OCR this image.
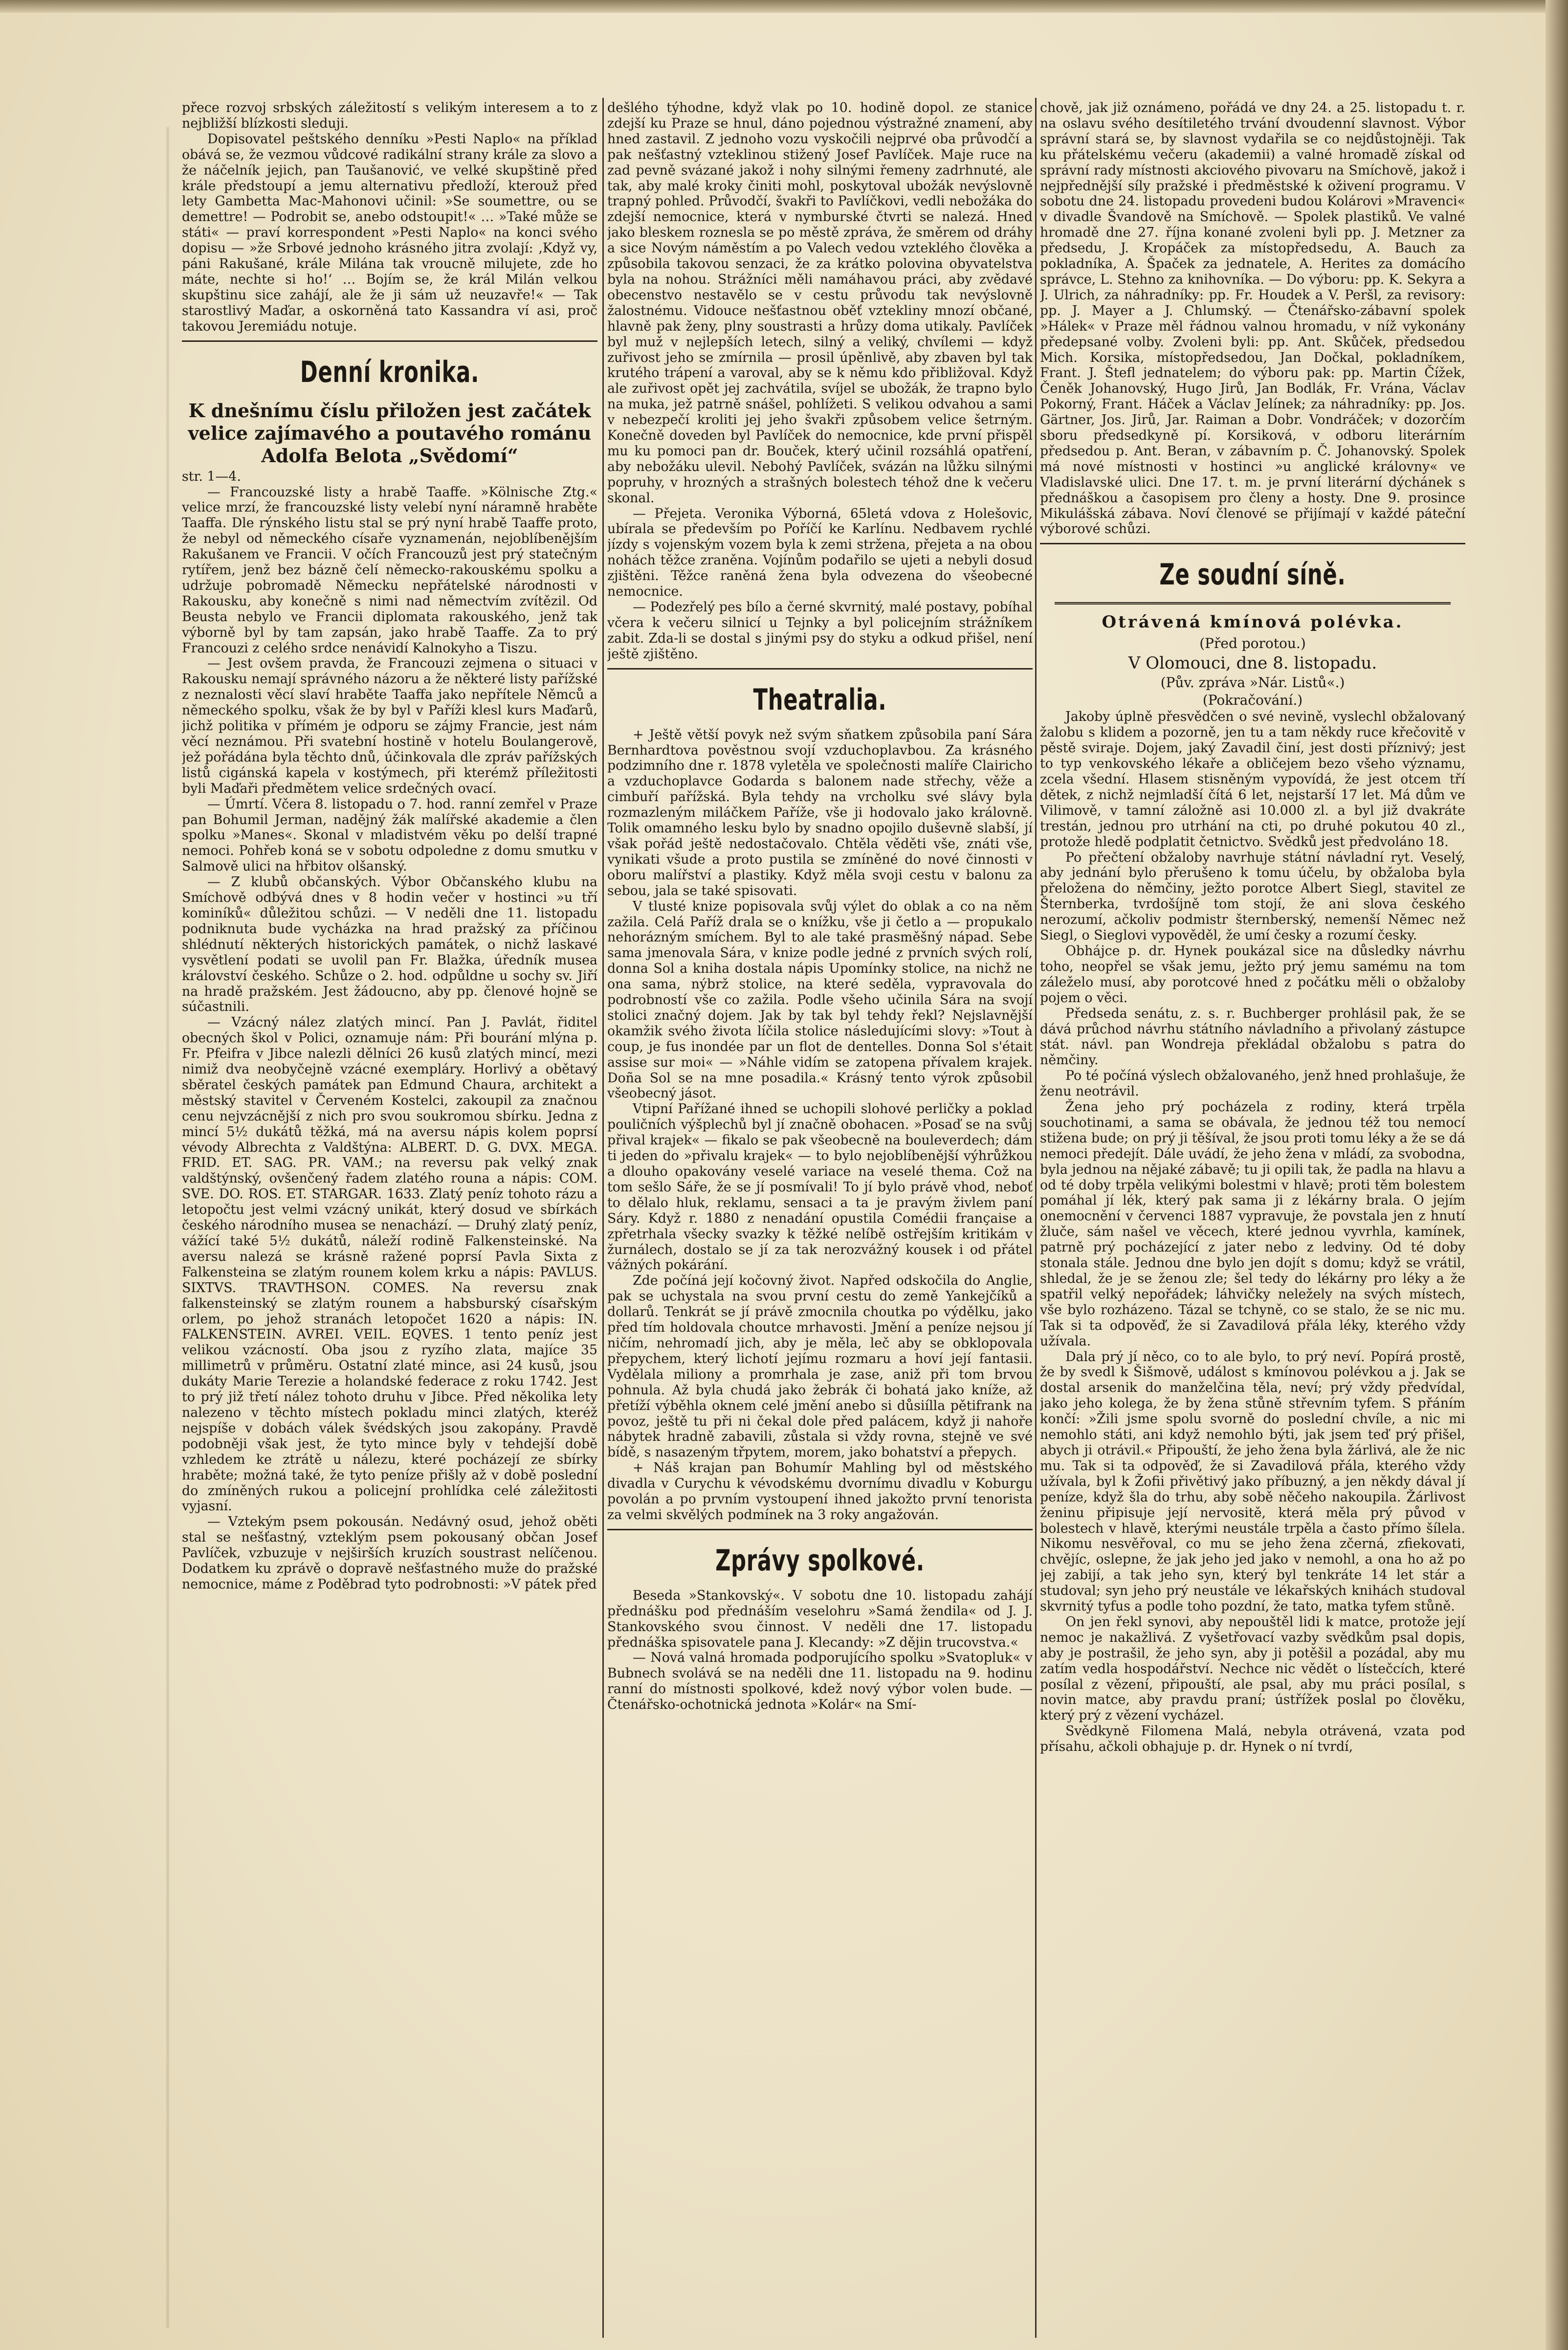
přece rozvoj srbských záležitostí s velikým interesem a to z nejbližší blízkosti sleduji.

Dopisovatel peštského denníku »Pesti Naplo« na příklad obává se, že vezmou vůdcové radikální strany krále za slovo a že náčelník jejich, pan Taušanović, ve velké skupštině před krále předstoupí a jemu alternativu předloží, kterouž před lety Gambetta Mac-Mahonovi učinil: »Se soumettre, ou se demettre! — Podrobit se, anebo odstoupit!« … »Také může se státi« — praví korrespondent »Pesti Naplo« na konci svého dopisu — »že Srbové jednoho krásného jitra zvolají: ‚Když vy, páni Rakušané, krále Milána tak vroucně milujete, zde ho máte, nechte si ho!‘ … Bojím se, že král Milán velkou skupštinu sice zahájí, ale že ji sám už neuzavře!« — Tak starostlivý Maďar, a oskorněná tato Kassandra ví asi, proč takovou Jeremiádu notuje.

Denní kronika.
K dnešnímu číslu přiložen jest začátek velice zajímavého a poutavého románu Adolfa Belota „Svědomí“

str. 1—4.

— Francouzské listy a hrabě Taaffe. »Kölnische Ztg.« velice mrzí, že francouzské listy velebí nyní náramně hraběte Taaffa. Dle rýnského listu stal se prý nyní hrabě Taaffe proto, že nebyl od německého císaře vyznamenán, nejoblíbenějším Rakušanem ve Francii. V očích Francouzů jest prý statečným rytířem, jenž bez bázně čelí německo-rakouskému spolku a udržuje pobromadě Německu nepřátelské národnosti v Rakousku, aby konečně s nimi nad němectvím zvítězil. Od Beusta nebylo ve Francii diplomata rakouského, jenž tak výborně byl by tam zapsán, jako hrabě Taaffe. Za to prý Francouzi z celého srdce nenávidí Kalnokyho a Tiszu.

— Jest ovšem pravda, že Francouzi zejmena o situaci v Rakousku nemají správného názoru a že některé listy pařížské z neznalosti věcí slaví hraběte Taaffa jako nepřítele Němců a německého spolku, však že by byl v Paříži klesl kurs Maďarů, jichž politika v přímém je odporu se zájmy Francie, jest nám věcí neznámou. Při svatební hostině v hotelu Boulangerově, jež pořádána byla těchto dnů, účinkovala dle zpráv pařížských listů cigánská kapela v kostýmech, při kterémž příležitosti byli Maďaři předmětem velice srdečných ovací.

— Úmrtí. Včera 8. listopadu o 7. hod. ranní zemřel v Praze pan Bohumil Jerman, nadějný žák malířské akademie a člen spolku »Manes«. Skonal v mladistvém věku po delší trapné nemoci. Pohřeb koná se v sobotu odpoledne z domu smutku v Salmově ulici na hřbitov olšanský.

— Z klubů občanských. Výbor Občanského klubu na Smíchově odbývá dnes v 8 hodin večer v hostinci »u tří kominíků« důležitou schůzi. — V neděli dne 11. listopadu podniknuta bude vycházka na hrad pražský za příčinou shlédnutí některých historických památek, o nichž laskavé vysvětlení podati se uvolil pan Fr. Blažka, úředník musea království českého. Schůze o 2. hod. odpůldne u sochy sv. Jiří na hradě pražském. Jest žádoucno, aby pp. členové hojně se súčastnili.

— Vzácný nález zlatých mincí. Pan J. Pavlát, řiditel obecných škol v Polici, oznamuje nám: Při bourání mlýna p. Fr. Pfeifra v Jibce nalezli dělníci 26 kusů zlatých mincí, mezi nimiž dva neobyčejně vzácné exempláry. Horlivý a obětavý sběratel českých památek pan Edmund Chaura, architekt a městský stavitel v Červeném Kostelci, zakoupil za značnou cenu nejvzácnější z nich pro svou soukromou sbírku. Jedna z mincí 5½ dukátů těžká, má na aversu nápis kolem poprsí vévody Albrechta z Valdštýna: ALBERT. D. G. DVX. MEGA. FRID. ET. SAG. PR. VAM.; na reversu pak velký znak valdštýnský, ovšenčený řadem zlatého rouna a nápis: COM. SVE. DO. ROS. ET. STARGAR. 1633. Zlatý peníz tohoto rázu a letopočtu jest velmi vzácný unikát, který dosud ve sbírkách českého národního musea se nenachází. — Druhý zlatý peníz, vážící také 5½ dukátů, náleží rodině Falkensteinské. Na aversu nalezá se krásně ražené poprsí Pavla Sixta z Falkensteina se zlatým rounem kolem krku a nápis: PAVLUS. SIXTVS. TRAVTHSON. COMES. Na reversu znak falkensteinský se zlatým rounem a habsburský císařským orlem, po jehož stranách letopočet 1620 a nápis: IN. FALKENSTEIN. AVREI. VEIL. EQVES. 1 tento peníz jest velikou vzácností. Oba jsou z ryzího zlata, majíce 35 millimetrů v průměru. Ostatní zlaté mince, asi 24 kusů, jsou dukáty Marie Terezie a holandské federace z roku 1742. Jest to prý již třetí nález tohoto druhu v Jibce. Před několika lety nalezeno v těchto místech pokladu minci zlatých, kteréž nejspíše v dobách válek švédských jsou zakopány. Pravdě podobněji však jest, že tyto mince byly v tehdejší době vzhledem ke ztrátě u nálezu, které pocházejí ze sbírky hraběte; možná také, že tyto peníze přišly až v době poslední do zmíněných rukou a policejní prohlídka celé záležitosti vyjasní.

— Vztekým psem pokousán. Nedávný osud, jehož oběti stal se nešťastný, vzteklým psem pokousaný občan Josef Pavlíček, vzbuzuje v nejširších kruzích soustrast nelíčenou. Dodatkem ku zprávě o dopravě nešťastného muže do pražské nemocnice, máme z Poděbrad tyto podrobnosti: »V pátek před

dešlého týhodne, když vlak po 10. hodině dopol. ze stanice zdejší ku Praze se hnul, dáno pojednou výstražné znamení, aby hned zastavil. Z jednoho vozu vyskočili nejprvé oba průvodčí a pak nešťastný vzteklinou stižený Josef Pavlíček. Maje ruce na zad pevně svázané jakož i nohy silnými řemeny zadrhnuté, ale tak, aby malé kroky činiti mohl, poskytoval ubožák nevýslovně trapný pohled. Průvodčí, švakři to Pavlíčkovi, vedli nebožáka do zdejší nemocnice, která v nymburské čtvrti se nalezá. Hned jako bleskem roznesla se po městě zpráva, že směrem od dráhy a sice Novým náměstím a po Valech vedou vzteklého člověka a způsobila takovou senzaci, že za krátko polovina obyvatelstva byla na nohou. Strážníci měli namáhavou práci, aby zvědavé obecenstvo nestavělo se v cestu průvodu tak nevýslovně žalostnému. Vidouce nešťastnou oběť vztekliny mnozí občané, hlavně pak ženy, plny soustrasti a hrůzy doma utikaly. Pavlíček byl muž v nejlepších letech, silný a veliký, chvílemi — když zuřivost jeho se zmírnila — prosil úpěnlivě, aby zbaven byl tak krutého trápení a varoval, aby se k němu kdo přibližoval. Když ale zuřivost opět jej zachvátila, svíjel se ubožák, že trapno bylo na muka, jež patrně snášel, pohlížeti. S velikou odvahou a sami v nebezpečí kroliti jej jeho švakři způsobem velice šetrným. Konečně doveden byl Pavlíček do nemocnice, kde první přispěl mu ku pomoci pan dr. Bouček, který učinil rozsáhlá opatření, aby nebožáku ulevil. Nebohý Pavlíček, svázán na lůžku silnými popruhy, v hrozných a strašných bolestech téhož dne k večeru skonal.

— Přejeta. Veronika Výborná, 65letá vdova z Holešovic, ubírala se především po Poříčí ke Karlínu. Nedbavem rychlé jízdy s vojenským vozem byla k zemi stržena, přejeta a na obou nohách těžce zraněna. Vojínům podařilo se ujeti a nebyli dosud zjištěni. Těžce raněná žena byla odvezena do všeobecné nemocnice.

— Podezřelý pes bílo a černé skvrnitý, malé postavy, pobíhal včera k večeru silnicí u Tejnky a byl policejním strážníkem zabit. Zda-li se dostal s jinými psy do styku a odkud přišel, není ještě zjištěno.

Theatralia.

+ Ještě větší povyk než svým sňatkem způsobila paní Sára Bernhardtova pověstnou svojí vzduchoplavbou. Za krásného podzimního dne r. 1878 vyletěla ve společnosti malíře Clairicho a vzduchoplavce Godarda s balonem nade střechy, věže a cimbuří pařížská. Byla tehdy na vrcholku své slávy byla rozmazleným miláčkem Paříže, vše ji hodovalo jako královně. Tolik omamného lesku bylo by snadno opojilo duševně slabší, jí však pořád ještě nedostačovalo. Chtěla věděti vše, znáti vše, vynikati všude a proto pustila se zmíněné do nové činnosti v oboru malířství a plastiky. Když měla svoji cestu v balonu za sebou, jala se také spisovati.

V tlusté knize popisovala svůj výlet do oblak a co na něm zažila. Celá Paříž drala se o knížku, vše ji četlo a — propukalo nehorázným smíchem. Byl to ale také prasměšný nápad. Sebe sama jmenovala Sára, v knize podle jedné z prvních svých rolí, donna Sol a kniha dostala nápis Upomínky stolice, na nichž ne ona sama, nýbrž stolice, na které seděla, vypravovala do podrobností vše co zažila. Podle všeho učinila Sára na svojí stolici značný dojem. Jak by tak byl tehdy řekl? Nejslavnější okamžik svého života líčila stolice následujícími slovy: »Tout à coup, je fus inondée par un flot de dentelles. Donna Sol s'était assise sur moi« — »Náhle vidím se zatopena přívalem krajek. Doña Sol se na mne posadila.« Krásný tento výrok způsobil všeobecný jásot.

Vtipní Pařížané ihned se uchopili slohové perličky a poklad pouličních výšplechů byl jí značně obohacen. »Posaď se na svůj přival krajek« — fikalo se pak všeobecně na bouleverdech; dám ti jeden do »přivalu krajek« — to bylo nejoblíbenější výhrůžkou a dlouho opakovány veselé variace na veselé thema. Což na tom sešlo Sáře, že se jí posmívali! To jí bylo právě vhod, neboť to dělalo hluk, reklamu, sensaci a ta je pravým živlem paní Sáry. Když r. 1880 z nenadání opustila Comédii française a zpřetrhala všecky svazky k těžké nelíbě ostřejším kritikám v žurnálech, dostalo se jí za tak nerozvážný kousek i od přátel vážných pokárání.

Zde počíná její kočovný život. Napřed odskočila do Anglie, pak se uchystala na svou první cestu do země Yankejčíků a dollarů. Tenkrát se jí právě zmocnila choutka po výdělku, jako před tím holdovala choutce mrhavosti. Jmění a peníze nejsou jí ničím, nehromadí jich, aby je měla, leč aby se obklopovala přepychem, který lichotí jejímu rozmaru a hoví její fantasii. Vydělala miliony a promrhala je zase, aniž při tom brvou pohnula. Až byla chudá jako žebrák či bohatá jako kníže, až přetíží výběhla oknem celé jmění anebo si důsiílla pětifrank na povoz, ještě tu při ni čekal dole před palácem, když ji nahoře nábytek hradně zabavili, zůstala si vždy rovna, stejně ve své bídě, s nasazeným třpytem, morem, jako bohatství a přepych.

+ Náš krajan pan Bohumír Mahling byl od městského divadla v Curychu k vévodskému dvornímu divadlu v Koburgu povolán a po prvním vystoupení ihned jakožto první tenorista za velmi skvělých podmínek na 3 roky angažován.

Zprávy spolkové.

Beseda »Stankovský«. V sobotu dne 10. listopadu zahájí přednášku pod přednáším veselohru »Samá žendila« od J. J. Stankovského svou činnost. V neděli dne 17. listopadu přednáška spisovatele pana J. Klecandy: »Z dějin trucovstva.«

— Nová valná hromada podporujícího spolku »Svatopluk« v Bubnech svolává se na neděli dne 11. listopadu na 9. hodinu ranní do místnosti spolkové, kdež nový výbor volen bude. — Čtenářsko-ochotnická jednota »Kolár« na Smí-

chově, jak již oznámeno, pořádá ve dny 24. a 25. listopadu t. r. na oslavu svého desítiletého trvání dvoudenní slavnost. Výbor správní stará se, by slavnost vydařila se co nejdůstojněji. Tak ku přátelskému večeru (akademii) a valné hromadě získal od správní rady místnosti akciového pivovaru na Smíchově, jakož i nejpřednější síly pražské i předměstské k oživení programu. V sobotu dne 24. listopadu provedeni budou Kolárovi »Mravenci« v divadle Švandově na Smíchově. — Spolek plastiků. Ve valné hromadě dne 27. října konané zvoleni byli pp. J. Metzner za předsedu, J. Kropáček za místopředsedu, A. Bauch za pokladníka, A. Špaček za jednatele, A. Herites za domácího správce, L. Stehno za knihovníka. — Do výboru: pp. K. Sekyra a J. Ulrich, za náhradníky: pp. Fr. Houdek a V. Peršl, za revisory: pp. J. Mayer a J. Chlumský. — Čtenářsko-zábavní spolek »Hálek« v Praze měl řádnou valnou hromadu, v níž vykonány předepsané volby. Zvoleni byli: pp. Ant. Skůček, předsedou Mich. Korsika, místopředsedou, Jan Dočkal, pokladníkem, Frant. J. Štefl jednatelem; do výboru pak: pp. Martin Čížek, Čeněk Johanovský, Hugo Jirů, Jan Bodlák, Fr. Vrána, Václav Pokorný, Frant. Háček a Václav Jelínek; za náhradníky: pp. Jos. Gärtner, Jos. Jirů, Jar. Raiman a Dobr. Vondráček; v dozorčím sboru předsedkyně pí. Korsiková, v odboru literárním předsedou p. Ant. Beran, v zábavním p. Č. Johanovský. Spolek má nové místnosti v hostinci »u anglické královny« ve Vladislavské ulici. Dne 17. t. m. je první literární dýchánek s přednáškou a časopisem pro členy a hosty. Dne 9. prosince Mikulášská zábava. Noví členové se přijímají v každé páteční výborové schůzi.

Ze soudní síně.
Otrávená kmínová polévka.
(Před porotou.)
V Olomouci, dne 8. listopadu.
(Pův. zpráva »Nár. Listů«.)
(Pokračování.)

Jakoby úplně přesvědčen o své nevině, vyslechl obžalovaný žalobu s klidem a pozorně, jen tu a tam někdy ruce křečovitě v pěstě sviraje. Dojem, jaký Zavadil činí, jest dosti příznivý; jest to typ venkovského lékaře a obličejem bezo všeho významu, zcela všední. Hlasem stisněným vypovídá, že jest otcem tří dětek, z nichž nejmladší čítá 6 let, nejstarší 17 let. Má dům ve Vilimově, v tamní záložně asi 10.000 zl. a byl již dvakráte trestán, jednou pro utrhání na cti, po druhé pokutou 40 zl., protože hledě podplatit četnictvo. Svědků jest předvoláno 18.

Po přečtení obžaloby navrhuje státní návladní ryt. Veselý, aby jednání bylo přerušeno k tomu účelu, by obžaloba byla přeložena do němčiny, ježto porotce Albert Siegl, stavitel ze Šternberka, tvrdošíjně tom stojí, že ani slova českého nerozumí, ačkoliv podmistr šternberský, nemenší Němec než Siegl, o Sieglovi vypověděl, že umí česky a rozumí česky.

Obhájce p. dr. Hynek poukázal sice na důsledky návrhu toho, neopřel se však jemu, ježto prý jemu samému na tom záleželo musí, aby porotcové hned z počátku měli o obžaloby pojem o věci.

Předseda senátu, z. s. r. Buchberger prohlásil pak, že se dává průchod návrhu státního návladního a přivolaný zástupce stát. návl. pan Wondreja překládal obžalobu s patra do němčiny.

Po té počíná výslech obžalovaného, jenž hned prohlašuje, že ženu neotrávil.

Žena jeho prý pocházela z rodiny, která trpěla souchotinami, a sama se obávala, že jednou též tou nemocí stižena bude; on prý ji těšíval, že jsou proti tomu léky a že se dá nemoci předejít. Dále uvádí, že jeho žena v mládí, za svobodna, byla jednou na nějaké zábavě; tu ji opili tak, že padla na hlavu a od té doby trpěla velikými bolestmi v hlavě; proti těm bolestem pomáhal jí lék, který pak sama ji z lékárny brala. O jejím onemocnění v červenci 1887 vypravuje, že povstala jen z hnutí žluče, sám našel ve věcech, které jednou vyvrhla, kamínek, patrně prý pocházející z jater nebo z ledviny. Od té doby stonala stále. Jednou dne bylo jen dojít s domu; když se vrátil, shledal, že je se ženou zle; šel tedy do lékárny pro léky a že spatřil velký nepořádek; láhvičky neležely na svých místech, vše bylo rozházeno. Tázal se tchyně, co se stalo, že se nic mu. Tak si ta odpověď, že si Zavadilová přála léky, kterého vždy užívala.

Dala prý jí něco, co to ale bylo, to prý neví. Popírá prostě, že by svedl k Šišmově, událost s kmínovou polévkou a j. Jak se dostal arsenik do manželčina těla, neví; prý vždy předvídal, jako jeho kolega, že by žena stůně střevním tyfem. S přáním končí: »Žili jsme spolu svorně do poslední chvíle, a nic mi nemohlo státi, ani když nemohlo býti, jak jsem teď prý přišel, abych ji otrávil.« Připouští, že jeho žena byla žárlivá, ale že nic mu. Tak si ta odpověď, že si Zavadilová přála, kterého vždy užívala, byl k Žofii přivětivý jako příbuzný, a jen někdy dával jí peníze, když šla do trhu, aby sobě něčeho nakoupila. Žárlivost ženinu připisuje její nervositě, která měla prý původ v bolestech v hlavě, kterými neustále trpěla a často přímo šílela. Nikomu nesvěřoval, co mu se jeho žena zčerná, zfiekovati, chvějíc, oslepne, že jak jeho jed jako v nemohl, a ona ho až po jej zabijí, a tak jeho syn, který byl tenkráte 14 let stár a studoval; syn jeho prý neustále ve lékařských knihách studoval skvrnitý tyfus a podle toho pozdní, že tato, matka tyfem stůně.

On jen řekl synovi, aby nepouštěl lidi k matce, protože její nemoc je nakažlivá. Z vyšetřovací vazby svědkům psal dopis, aby je postrašil, že jeho syn, aby ji potěšil a pozádal, aby mu zatím vedla hospodářství. Nechce nic vědět o lístečcích, které posílal z vězení, připouští, ale psal, aby mu práci posílal, s novin matce, aby pravdu praní; ústřížek poslal po člověku, který prý z vězení vycházel.

Svědkyně Filomena Malá, nebyla otrávená, vzata pod přísahu, ačkoli obhajuje p. dr. Hynek o ní tvrdí,
